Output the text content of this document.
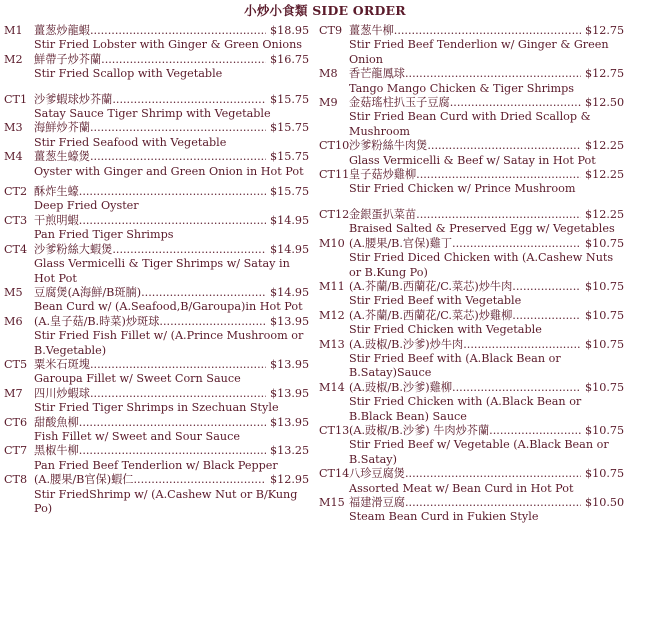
小炒小食類 SIDE ORDER
M1	薑葱炒龍蝦 .....	$18.95
Stir Fried Lobster with Ginger & Green Onions
M2	鮮帶子炒芥蘭 .....	$16.75
Stir Fried Scallop with Vegetable
CT1 沙爹蝦球炒芥蘭 .....	$15.75
Satay Sauce Tiger Shrimp with Vegetable
M3	海鮮炒芥蘭 .....	$15.75
Stir Fried Seafood with Vegetable
M4	薑葱生蠔煲 .....	$15.75
Oyster with Ginger and Green Onion in Hot Pot
CT2 酥炸生蠔 .....	$15.75
Deep Fried Oyster
CT3 干煎明蝦 .....	$14.95
Pan Fried Tiger Shrimps
CT4 沙爹粉絲大蝦煲 .....	$14.95
Glass Vermicelli & Tiger Shrimps w/ Satay in Hot Pot
M5	豆腐煲(A海鮮/B斑腩) .....	$14.95
Bean Curd w/ (A.Seafood,B/Garoupa)in Hot Pot
M6	(A.皇子菇/B.時菜)炒斑球 .....	$13.95
Stir Fried Fish Fillet w/ (A.Prince Mushroom or B.Vegetable)
CT5 粟米石斑塊 .....	$13.95
Garoupa Fillet w/ Sweet Corn Sauce
M7	四川炒蝦球 .....	$13.95
Stir Fried Tiger Shrimps in Szechuan Style
CT6 甜酸魚柳 .....	$13.95
Fish Fillet w/ Sweet and Sour Sauce
CT7 黑椒牛柳 .....	$13.25
Pan Fried Beef Tenderlion w/ Black Pepper
CT8 (A.腰果/B官保)蝦仁 .....	$12.95
Stir FriedShrimp w/ (A.Cashew Nut or B/Kung Po)
CT9 薑葱牛柳 .....	$12.75
Stir Fried Beef Tenderlion w/ Ginger & Green Onion
M8	香芒龍鳳球 .....	$12.75
Tango Mango Chicken & Tiger Shrimps
M9	金菇瑤柱扒玉子豆腐 .....	$12.50
Stir Fried Bean Curd with Dried Scallop & Mushroom
CT10 沙爹粉絲牛肉煲 .....	$12.25
Glass Vermicelli & Beef w/ Satay in Hot Pot
CT11 皇子菇炒雞柳 .....	$12.25
Stir Fried Chicken w/ Prince Mushroom
CT12 金銀蛋扒菜苗 .....	$12.25
Braised Salted & Preserved Egg w/ Vegetables
M10 (A.腰果/B.官保)雞丁 .....	$10.75
Stir Fried Diced Chicken with (A.Cashew Nuts or B.Kung Po)
M11 (A.芥蘭/B.西蘭花/C.菜芯)炒牛肉 .....	$10.75
Stir Fried Beef with Vegetable
M12 (A.芥蘭/B.西蘭花/C.菜芯)炒雞柳 .....	$10.75
Stir Fried Chicken with Vegetable
M13 (A.豉椒/B.沙爹)炒牛肉 .....	$10.75
Stir Fried Beef with (A.Black Bean or B.Satay)Sauce
M14 (A.豉椒/B.沙爹)雞柳 .....	$10.75
Stir Fried Chicken with (A.Black Bean or B.Black Bean) Sauce
CT13 (A.豉椒/B.沙爹) 牛肉炒芥蘭 .....	$10.75
Stir Fried Beef w/ Vegetable (A.Black Bean or B.Satay)
CT14 八珍豆腐煲 .....	$10.75
Assorted Meat w/ Bean Curd in Hot Pot
M15 福建滑豆腐 .....	$10.50
Steam Bean Curd in Fukien Style
